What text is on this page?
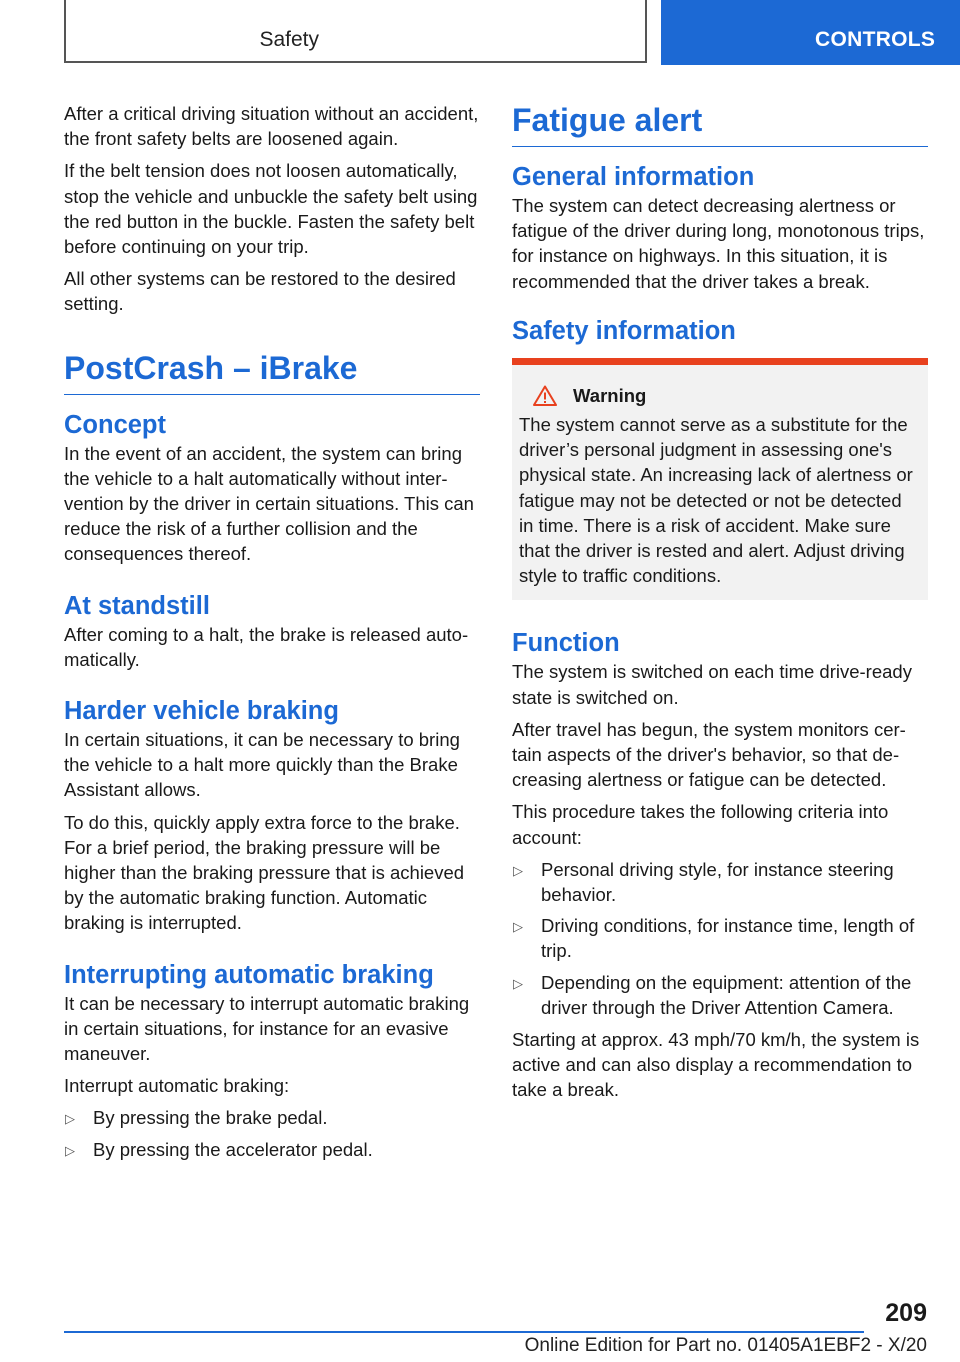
Safety	CONTROLS

After a critical driving situation without an accident, the front safety belts are loosened again.

If the belt tension does not loosen automatically, stop the vehicle and unbuckle the safety belt using the red button in the buckle. Fasten the safety belt before continuing on your trip.

All other systems can be restored to the desired setting.

PostCrash – iBrake
Concept

In the event of an accident, the system can bring the vehicle to a halt automatically without intervention by the driver in certain situations. This can reduce the risk of a further collision and the consequences thereof.

At standstill

After coming to a halt, the brake is released automatically.

Harder vehicle braking

In certain situations, it can be necessary to bring the vehicle to a halt more quickly than the Brake Assistant allows.

To do this, quickly apply extra force to the brake. For a brief period, the braking pressure will be higher than the braking pressure that is achieved by the automatic braking function. Automatic braking is interrupted.

Interrupting automatic braking

It can be necessary to interrupt automatic braking in certain situations, for instance for an evasive maneuver.

Interrupt automatic braking:

▷ By pressing the brake pedal.
▷ By pressing the accelerator pedal.
Fatigue alert
General information

The system can detect decreasing alertness or fatigue of the driver during long, monotonous trips, for instance on highways. In this situation, it is recommended that the driver takes a break.

Safety information
Warning
The system cannot serve as a substitute for the driver’s personal judgment in assessing one's physical state. An increasing lack of alertness or fatigue may not be detected or not be detected in time. There is a risk of accident. Make sure that the driver is rested and alert. Adjust driving style to traffic conditions.
Function

The system is switched on each time drive-ready state is switched on.

After travel has begun, the system monitors certain aspects of the driver's behavior, so that decreasing alertness or fatigue can be detected.

This procedure takes the following criteria into account:

▷ Personal driving style, for instance steering behavior.
▷ Driving conditions, for instance time, length of trip.
▷ Depending on the equipment: attention of the driver through the Driver Attention Camera.

Starting at approx. 43 mph/70 km/h, the system is active and can also display a recommendation to take a break.

209
Online Edition for Part no. 01405A1EBF2 - X/20
